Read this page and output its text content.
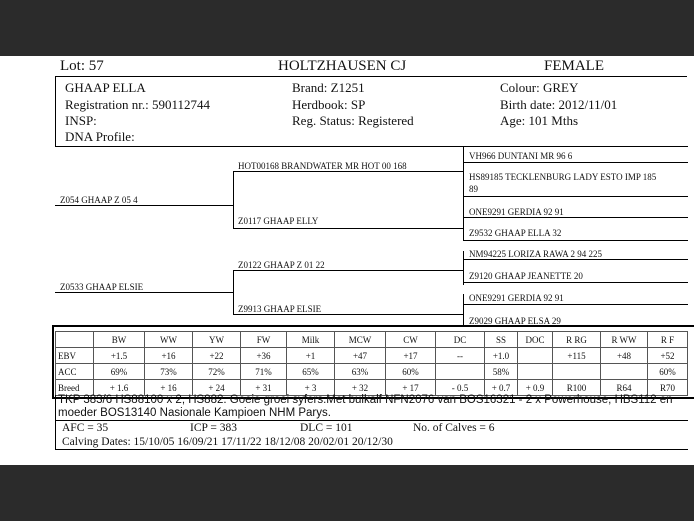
Lot: 57	HOLTZHAUSEN CJ	FEMALE
GHAAP ELLA
Registration nr.: 590112744
INSP:
DNA Profile:
Brand: Z1251
Herdbook: SP
Reg. Status: Registered
Colour: GREY
Birth date: 2012/11/01
Age: 101 Mths
Z054 GHAAP Z 05 4
HOT00168 BRANDWATER MR HOT 00 168
Z0117 GHAAP ELLY
VH966 DUNTANI MR 96 6
HS89185 TECKLENBURG LADY ESTO IMP 185
89
ONE9291 GERDIA 92 91
Z9532 GHAAP ELLA 32
Z0533 GHAAP ELSIE
Z0122 GHAAP Z 01 22
Z9913 GHAAP ELSIE
NM94225 LORIZA RAWA 2 94 225
Z9120 GHAAP JEANETTE 20
ONE9291 GERDIA 92 91
Z9029 GHAAP ELSA 29
	BW	WW	YW	FW	Milk	MCW	CW	DC	SS	DOC	R RG	R WW	R F
EBV	+1.5	+16	+22	+36	+1	+47	+17	--	+1.0		+115	+48	+52
ACC	69%	73%	72%	71%	65%	63%	60%		58%				60%
Breed	+ 1.6	+ 16	+ 24	+ 31	+ 3	+ 32	+ 17	- 0.5	+ 0.7	+ 0.9	R100	R64	R70
TKP 383/6 HS88100 x 2, HS882. Goeie groei syfers.Met bulkalf NFN2076 van BOS16321 - 2 x Powerhouse, HBS112 en
moeder BOS13140 Nasionale Kampioen NHM Parys.
AFC = 35	ICP = 383	DLC = 101	No. of Calves = 6
Calving Dates: 15/10/05 16/09/21 17/11/22 18/12/08 20/02/01 20/12/30
